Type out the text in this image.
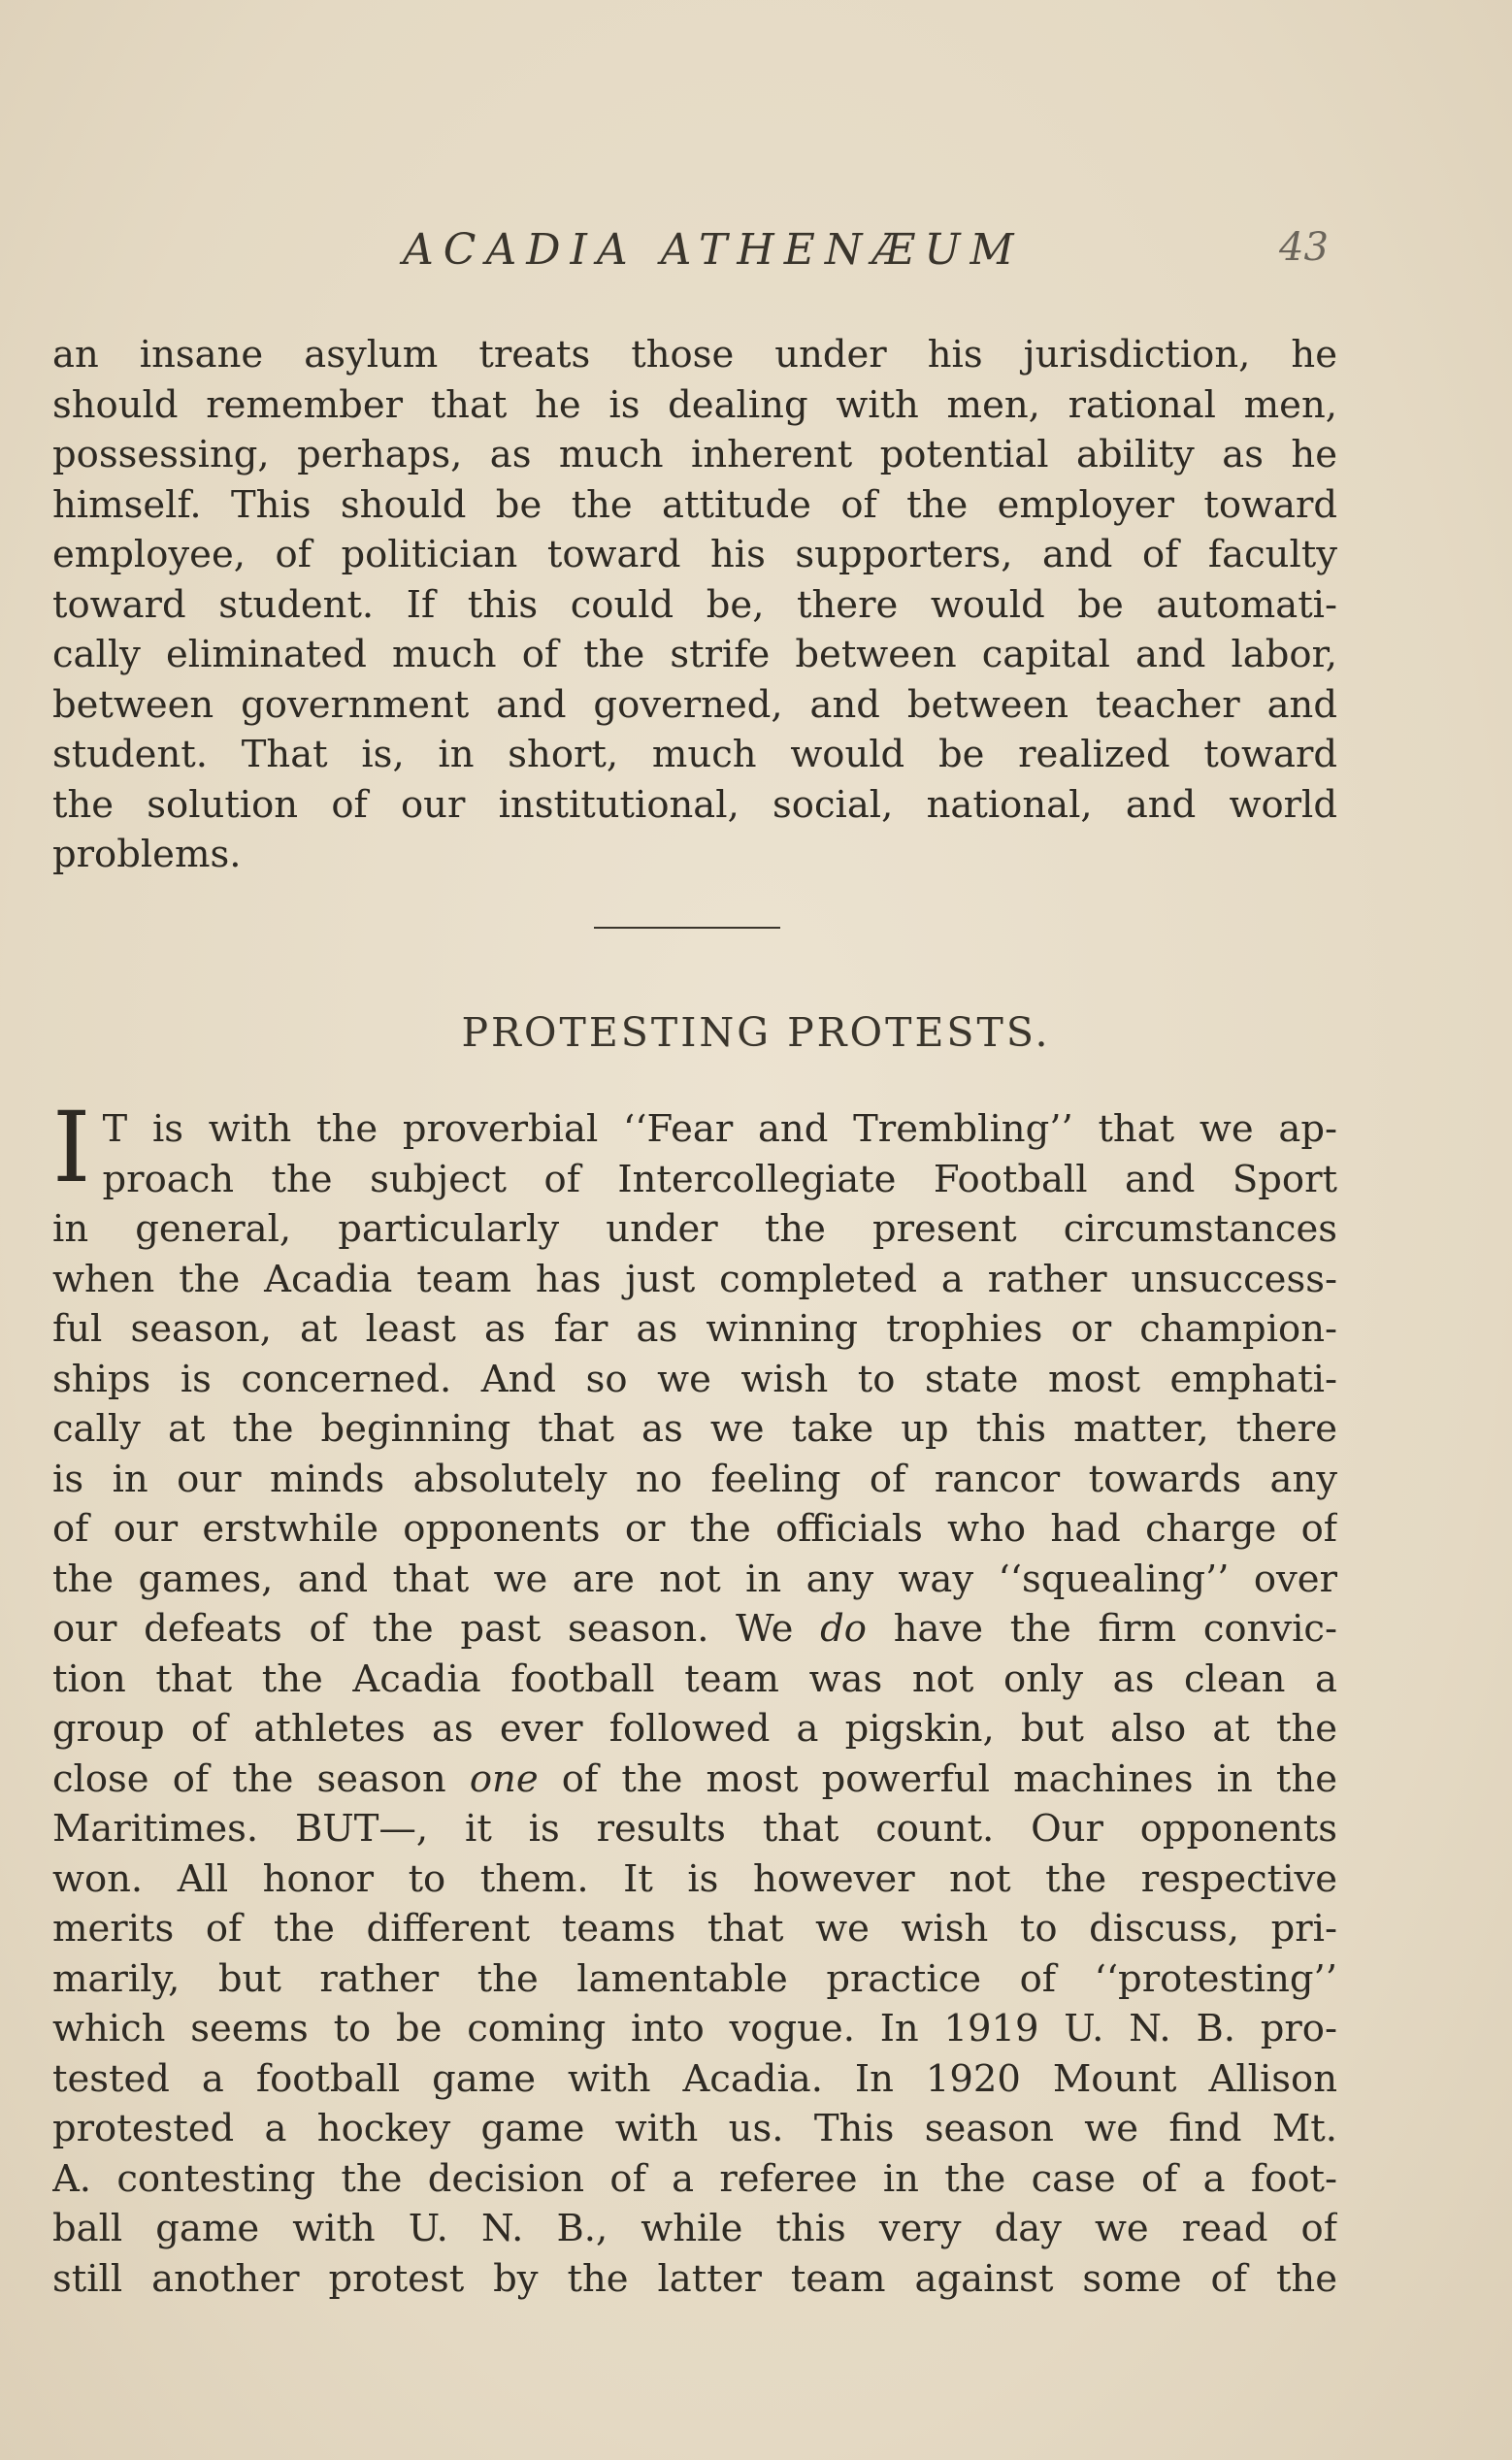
ACADIA ATHENÆUM	43
an insane asylum treats those under his jurisdiction, he
should remember that he is dealing with men, rational men,
possessing, perhaps, as much inherent potential ability as he
himself. This should be the attitude of the employer toward
employee, of politician toward his supporters, and of faculty
toward student. If this could be, there would be automati-
cally eliminated much of the strife between capital and labor,
between government and governed, and between teacher and
student. That is, in short, much would be realized toward
the solution of our institutional, social, national, and world
problems.
PROTESTING PROTESTS.
I T is with the proverbial ‘‘Fear and Trembling’’ that we ap-
proach the subject of Intercollegiate Football and Sport
in general, particularly under the present circumstances
when the Acadia team has just completed a rather unsuccess-
ful season, at least as far as winning trophies or champion-
ships is concerned. And so we wish to state most emphati-
cally at the beginning that as we take up this matter, there
is in our minds absolutely no feeling of rancor towards any
of our erstwhile opponents or the officials who had charge of
the games, and that we are not in any way ‘‘squealing’’ over
our defeats of the past season. We do have the firm convic-
tion that the Acadia football team was not only as clean a
group of athletes as ever followed a pigskin, but also at the
close of the season one of the most powerful machines in the
Maritimes. BUT—, it is results that count. Our opponents
won. All honor to them. It is however not the respective
merits of the different teams that we wish to discuss, pri-
marily, but rather the lamentable practice of ‘‘protesting’’
which seems to be coming into vogue. In 1919 U. N. B. pro-
tested a football game with Acadia. In 1920 Mount Allison
protested a hockey game with us. This season we find Mt.
A. contesting the decision of a referee in the case of a foot-
ball game with U. N. B., while this very day we read of
still another protest by the latter team against some of the
